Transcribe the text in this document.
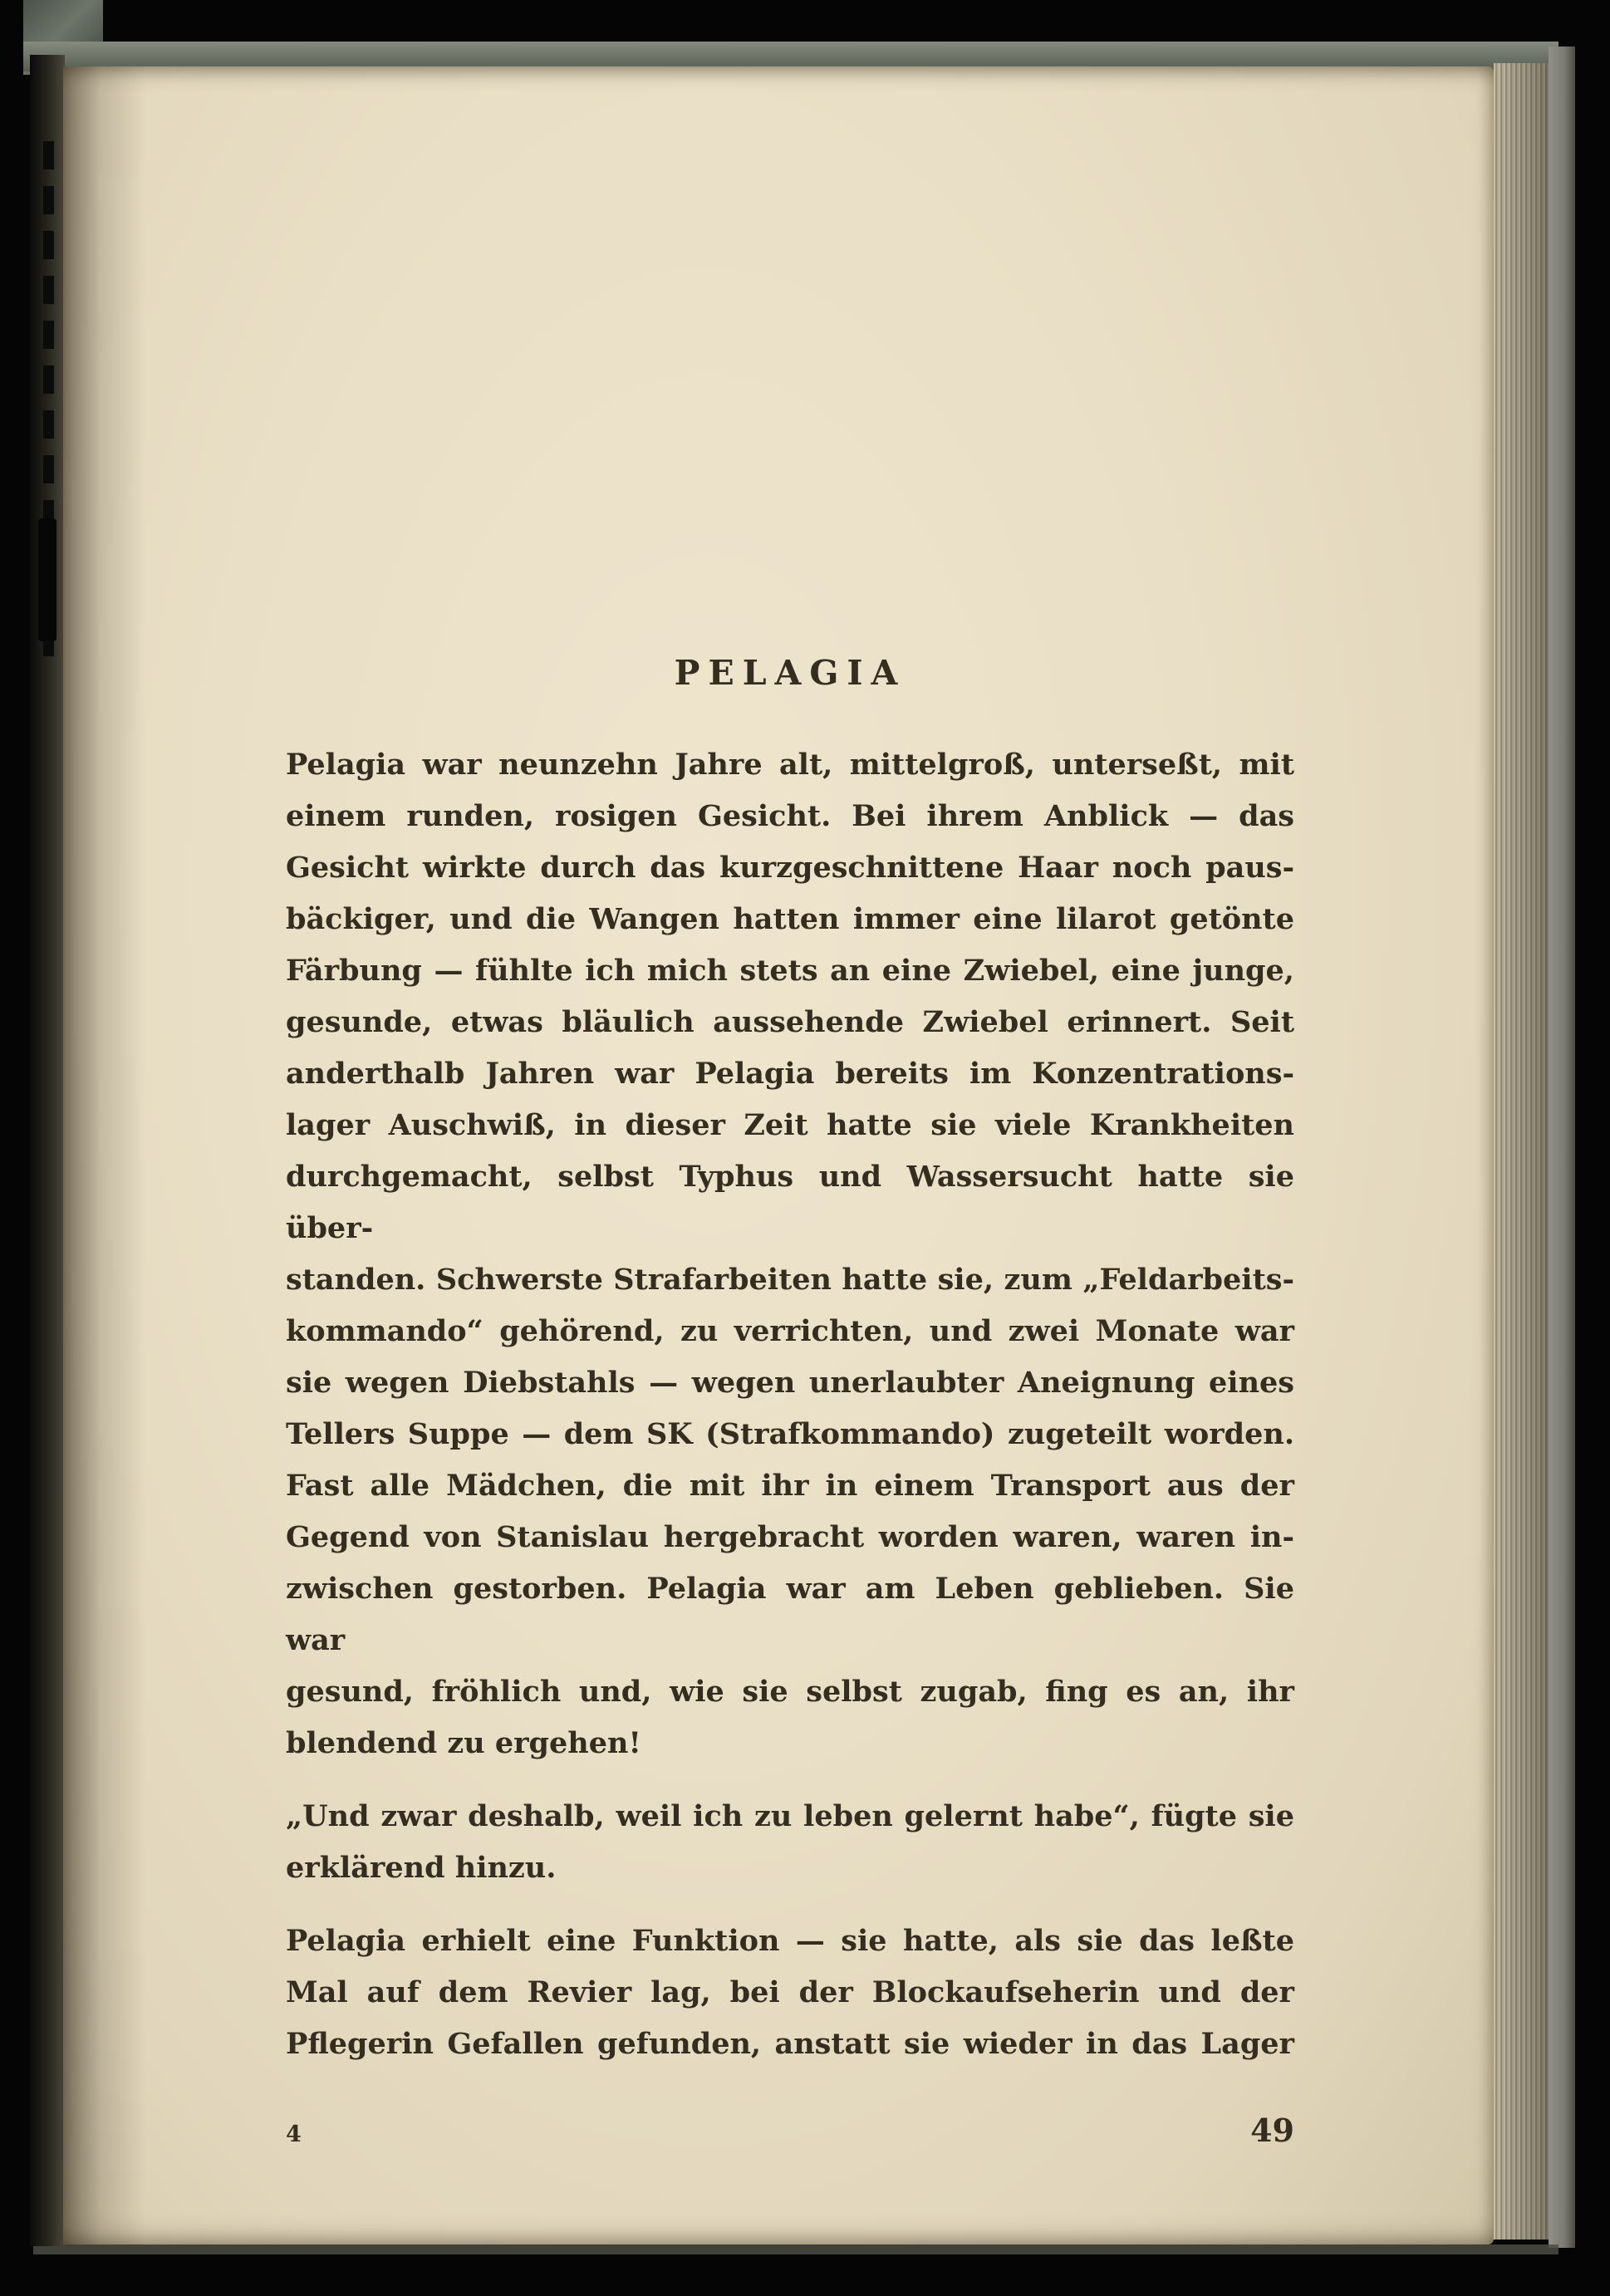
PELAGIA
Pelagia war neunzehn Jahre alt, mittelgroß, unterseßt, mit
einem runden, rosigen Gesicht. Bei ihrem Anblick — das
Gesicht wirkte durch das kurzgeschnittene Haar noch paus-
bäckiger, und die Wangen hatten immer eine lilarot getönte
Färbung — fühlte ich mich stets an eine Zwiebel, eine junge,
gesunde, etwas bläulich aussehende Zwiebel erinnert. Seit
anderthalb Jahren war Pelagia bereits im Konzentrations-
lager Auschwiß, in dieser Zeit hatte sie viele Krankheiten
durchgemacht, selbst Typhus und Wassersucht hatte sie über-
standen. Schwerste Strafarbeiten hatte sie, zum „Feldarbeits-
kommando“ gehörend, zu verrichten, und zwei Monate war
sie wegen Diebstahls — wegen unerlaubter Aneignung eines
Tellers Suppe — dem SK (Strafkommando) zugeteilt worden.
Fast alle Mädchen, die mit ihr in einem Transport aus der
Gegend von Stanislau hergebracht worden waren, waren in-
zwischen gestorben. Pelagia war am Leben geblieben. Sie war
gesund, fröhlich und, wie sie selbst zugab, fing es an, ihr
blendend zu ergehen!
„Und zwar deshalb, weil ich zu leben gelernt habe“, fügte sie
erklärend hinzu.
Pelagia erhielt eine Funktion — sie hatte, als sie das leßte
Mal auf dem Revier lag, bei der Blockaufseherin und der
Pflegerin Gefallen gefunden, anstatt sie wieder in das Lager
4	49
